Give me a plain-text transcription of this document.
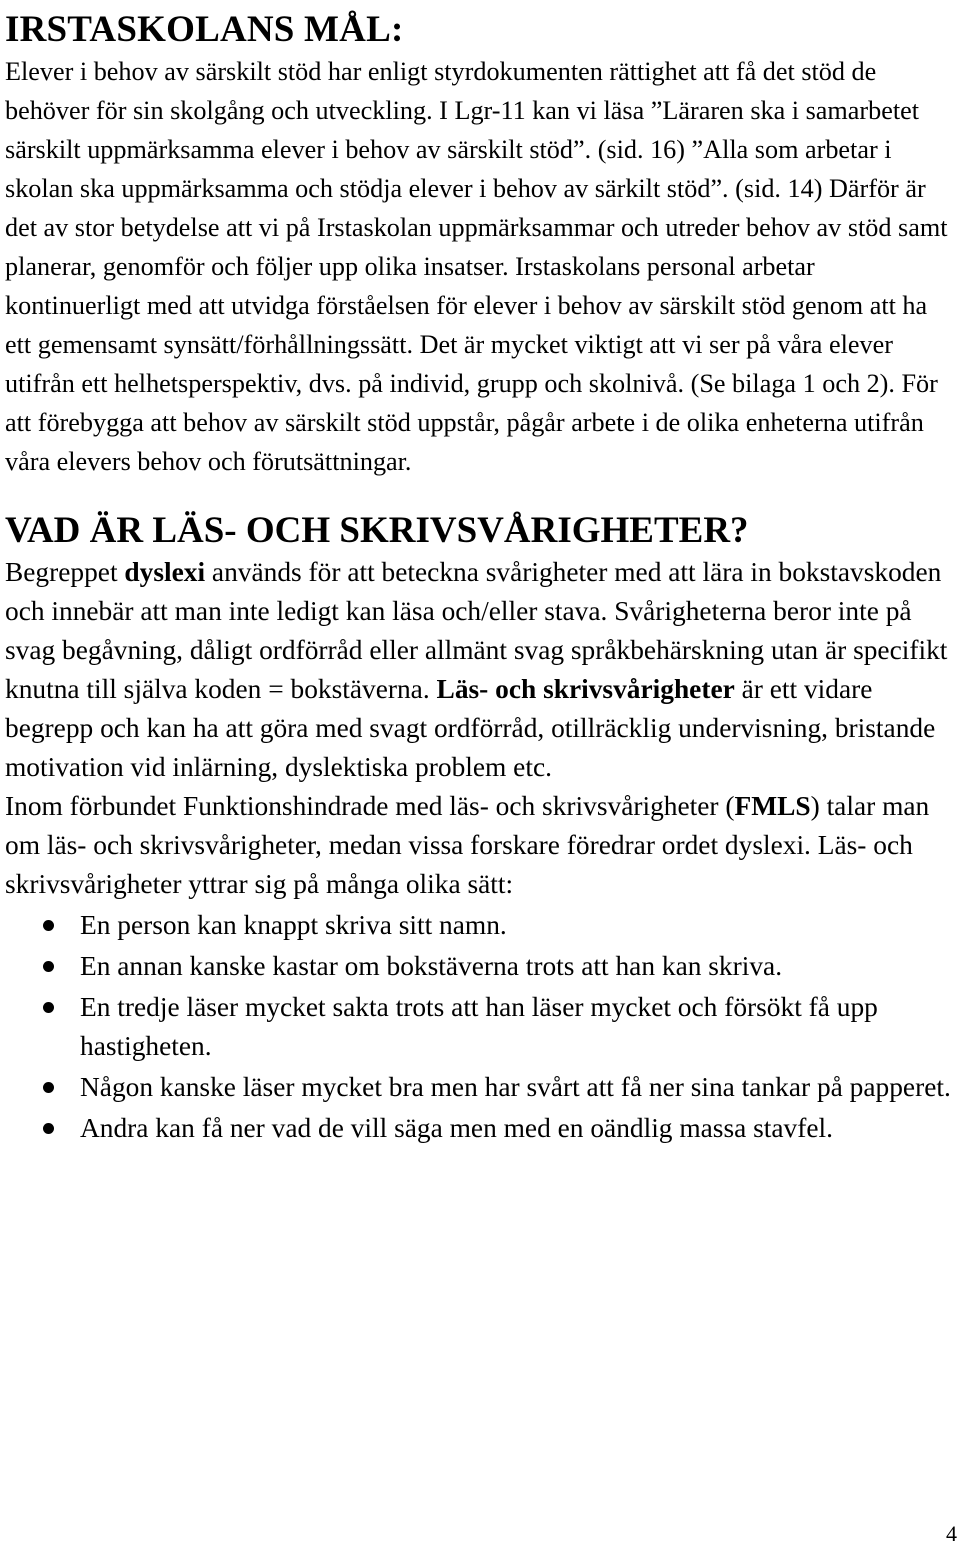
IRSTASKOLANS MÅL:

Elever i behov av särskilt stöd har enligt styrdokumenten rättighet att få det stöd de behöver för sin skolgång och utveckling. I Lgr-11 kan vi läsa ”Läraren ska i samarbetet särskilt uppmärksamma elever i behov av särskilt stöd”. (sid. 16) ”Alla som arbetar i skolan ska uppmärksamma och stödja elever i behov av särkilt stöd”. (sid. 14) Därför är det av stor betydelse att vi på Irstaskolan uppmärksammar och utreder behov av stöd samt planerar, genomför och följer upp olika insatser. Irstaskolans personal arbetar kontinuerligt med att utvidga förståelsen för elever i behov av särskilt stöd genom att ha ett gemensamt synsätt/förhållningssätt. Det är mycket viktigt att vi ser på våra elever utifrån ett helhetsperspektiv, dvs. på individ, grupp och skolnivå. (Se bilaga 1 och 2). För att förebygga att behov av särskilt stöd uppstår, pågår arbete i de olika enheterna utifrån våra elevers behov och förutsättningar.

VAD ÄR LÄS- OCH SKRIVSVÅRIGHETER?

Begreppet dyslexi används för att beteckna svårigheter med att lära in bokstavskoden och innebär att man inte ledigt kan läsa och/eller stava. Svårigheterna beror inte på svag begåvning, dåligt ordförråd eller allmänt svag språkbehärskning utan är specifikt knutna till själva koden = bokstäverna. Läs- och skrivsvårigheter är ett vidare begrepp och kan ha att göra med svagt ordförråd, otillräcklig undervisning, bristande motivation vid inlärning, dyslektiska problem etc.

Inom förbundet Funktionshindrade med läs- och skrivsvårigheter (FMLS) talar man om läs- och skrivsvårigheter, medan vissa forskare föredrar ordet dyslexi. Läs- och skrivsvårigheter yttrar sig på många olika sätt:

En person kan knappt skriva sitt namn.
En annan kanske kastar om bokstäverna trots att han kan skriva.
En tredje läser mycket sakta trots att han läser mycket och försökt få upp hastigheten.
Någon kanske läser mycket bra men har svårt att få ner sina tankar på papperet.
Andra kan få ner vad de vill säga men med en oändlig massa stavfel.
4
